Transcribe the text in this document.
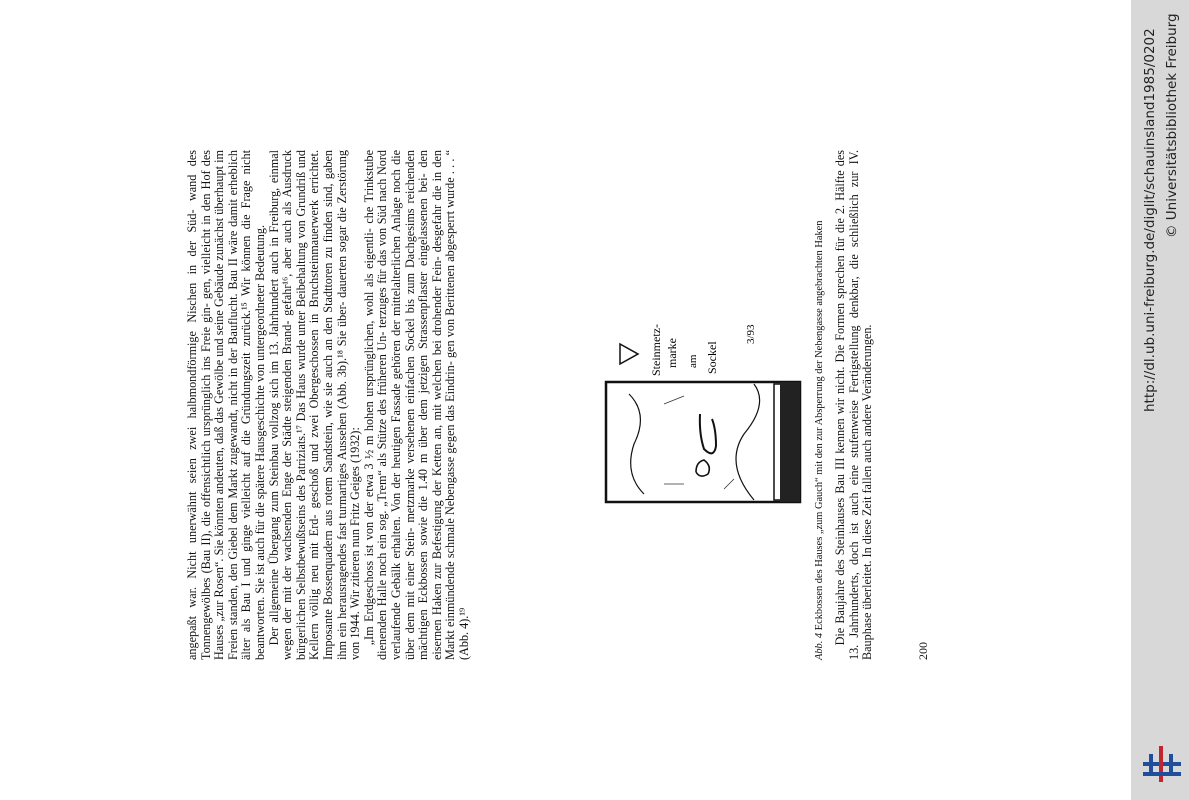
angepaßt war. Nicht unerwähnt seien zwei halbmondförmige Nischen in der Süd- wand des Tonnengewölbes (Bau II), die offensichtlich ursprünglich ins Freie gin- gen, vielleicht in den Hof des Hauses „zur Rosen“. Sie könnten andeuten, daß das Gewölbe und seine Gebäude zunächst überhaupt im Freien standen, den Giebel dem Markt zugewandt, nicht in der Bauflucht. Bau II wäre damit erheblich älter als Bau I und ginge vielleicht auf die Gründungszeit zurück.¹⁵ Wir können die Frage nicht beantworten. Sie ist auch für die spätere Hausgeschichte von untergeordneter Bedeutung. Der allgemeine Übergang zum Steinbau vollzog sich im 13. Jahrhundert auch in Freiburg, einmal wegen der mit der wachsenden Enge der Städte steigenden Brand- gefahr¹⁶, aber auch als Ausdruck bürgerlichen Selbstbewußtseins des Patriziats.¹⁷ Das Haus wurde unter Beibehaltung von Grundriß und Kellern völlig neu mit Erd- geschoß und zwei Obergeschossen in Bruchsteinmauerwerk errichtet. Imposante Bossenquadern aus rotem Sandstein, wie sie auch an den Stadttoren zu finden sind, gaben ihm ein herausragendes fast turmartiges Aussehen (Abb. 3b).¹⁸ Sie über- dauerten sogar die Zerstörung von 1944. Wir zitieren nun Fritz Geiges (1932): „Im Erdgeschoss ist von der etwa 3 ½ m hohen ursprünglichen, wohl als eigentli- che Trinkstube dienenden Halle noch ein sog. „Trem“ als Stütze des früheren Un- terzuges für das von Süd nach Nord verlaufende Gebälk erhalten. Von der heutigen Fassade gehören der mittelalterlichen Anlage noch die über dem mit einer Stein- metzmarke versehenen einfachen Sockel bis zum Dachgesims reichenden mächtigen Eckbossen sowie die 1.40 m über dem jetzigen Strassenpflaster eingelassenen bei- den eisernen Haken zur Befestigung der Ketten an, mit welchen bei drohender Fein- desgefahr die in den Markt einmündende schmale Nebengasse gegen das Eindrin- gen von Berittenen abgesperrt wurde . . . “ (Abb. 4).¹⁹

Steinmetz- marke am Sockel
3/93
Abb. 4 Eckbossen des Hauses „zum Gauch“ mit den zur Absperrung der Nebengasse angebrachten Haken Die Baujahre des Steinhauses Bau III kennen wir nicht. Die Formen sprechen für die 2. Hälfte des 13. Jahrhunderts, doch ist auch eine stufenweise Fertigstellung denkbar, die schließlich zur IV. Bauphase überleitet. In diese Zeit fallen auch andere Veränderungen.	200
http://dl.ub.uni-freiburg.de/diglit/schauinsland1985/0202 © Universitätsbibliothek Freiburg
